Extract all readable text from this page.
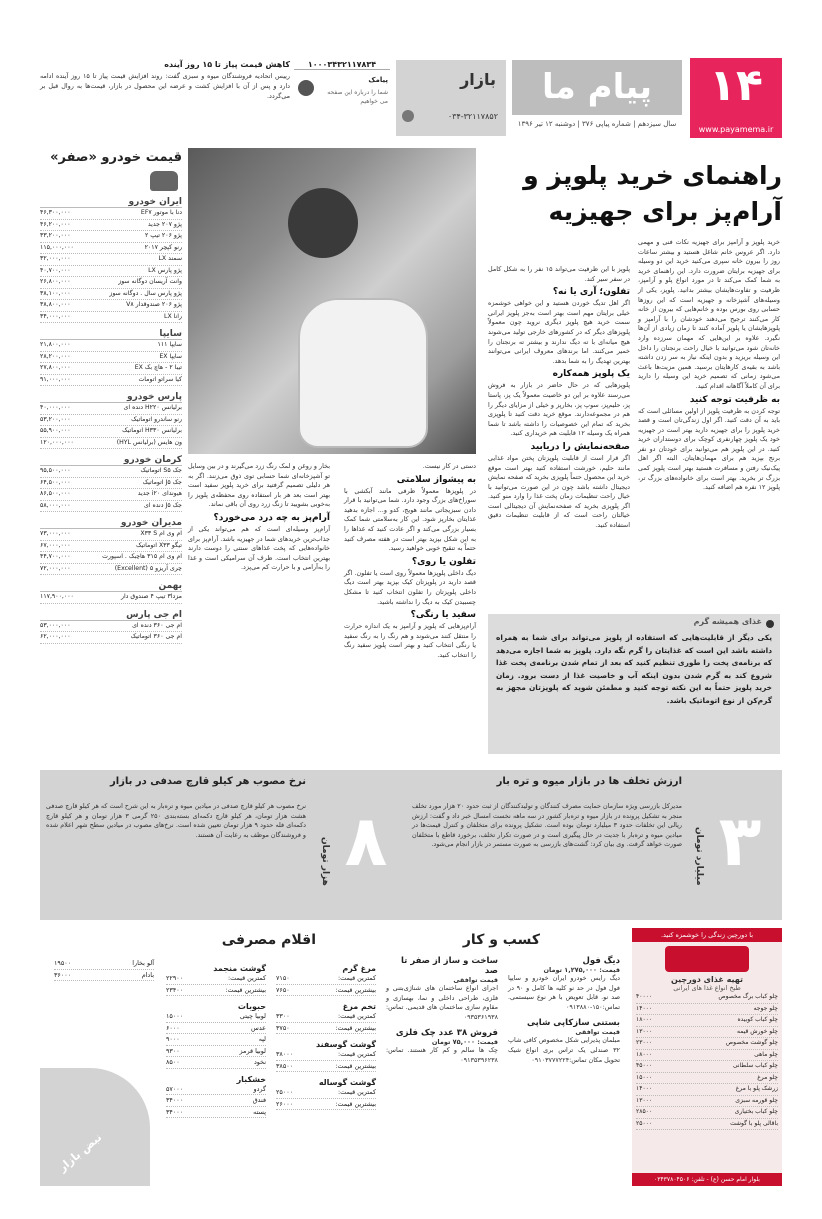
۱۴
www.payamema.ir
پیام ما
سال سیزدهم | شماره پیاپی ۳۷۶ | دوشنبه ۱۲ تیر ۱۳۹۶
بازار
۰۳۴-۳۲۱۱۷۸۵۲
۱۰۰۰۳۴۳۲۱۱۷۸۳۴
پیامک
شما را درباره این صفحه می خواهیم
کاهش قیمت پیاز تا ۱۵ روز آینده
رییس اتحادیه فروشندگان میوه و سبزی گفت: روند افزایش قیمت پیاز تا ۱۵ روز آینده ادامه دارد و پس از آن با افزایش کشت و عرضه این محصول در بازار، قیمت‌ها به روال قبل بر می‌گردد.
راهنمای خرید پلوپز و
آرام‌پز برای جهیزیه
خرید پلوپز و آرامپز برای جهیزیه نکات فنی و مهمی دارد. اگر عروس خانم شاغل هستید و بیشتر ساعات روز را بیرون خانه سپری می‌کنید خرید این دو وسیله برای جهیزیه برایتان ضرورت دارد. این راهنمای خرید به شما کمک می‌کند تا در مورد انواع پلو و آرامپز، ظرفیت و تفاوت‌هایشان بیشتر بدانید. پلوپز، یکی از وسیله‌های آشپزخانه و جهیزیه است که این روزها حسابی روی بورس بوده و خانم‌هایی که بیرون از خانه کار می‌کنند ترجیح می‌دهند خودشان را با آرامپز و پلوپز‌هایشان یا پلوپز آماده کنند تا زمان زیادی از آن‌ها نگیرد. علاوه بر این‌هایی که مهمان سرزده وارد خانه‌تان شود می‌توانید با خیال راحت برنجتان را داخل این وسیله بریزید و بدون اینکه نیاز به سر زدن داشته باشد به بقیه‌ی کارهایتان برسید. همین مزیت‌ها باعث می‌شود زمانی که تصمیم خرید این وسیله را دارید برای آن کاملاً آگاهانه اقدام کنید.
به ظرفیت توجه کنید
توجه کردن به ظرفیت پلوپز از اولین مسائلی است که باید به آن دقت کنید. اگر اول زندگی‌تان است و قصد خرید پلوپز را برای جهیزیه دارید بهتر است در جهیزیه خود یک پلوپز چهارنفری کوچک برای دوستداران خرید کنید. در این پلوپز هم می‌توانید برای خودتان دو نفر برنج بپزید هم برای مهمان‌هایتان. البته اگر اهل پیک‌نیک رفتن و مسافرت هستید بهتر است پلوپز کمی بزرگ تر بخرید. بهتر است برای خانواده‌های بزرگ تر، پلوپز ۱۲ نفره هم اضافه کنید.
پلوپز با این ظرفیت می‌تواند ۱۵ نفر را به شکل کامل در سفر سیر کند.
تفلون؛ آری یا نه؟
اگر اهل تدیگ خوردن هستید و این خواهی خوشمزه خیلی برایتان مهم است بهتر است به‌جز پلوپز ایرانی سمت خرید هیچ پلوپز دیگری نروید چون معمولاً پلوپزهای دیگر که در کشورهای خارجی تولید می‌شوند هیچ میانه‌ای با ته دیگ ندارند و بیشتر ته برنجتان را خمیر می‌کنند. اما برندهای معروف ایرانی می‌توانند بهترین تهدیگ را به شما بدهد.
یک پلوپز همه‌کاره
پلوپزهایی که در حال حاضر در بازار به فروش می‌رسند علاوه بر این دو خاصیت معمولاً یک پز، پاستا پز، حلیم‌پز، سوپ پز، بخارپز و خیلی از مزایای دیگر را هم در مجموعه‌دارند. موقع خرید دقت کنید تا پلوپزی بخرید که تمام این خصوصیات را داشته باشد تا شما همراه یک وسیله ۱۲ قابلیت هم خریداری کنید.
صفحه‌نمایش را دریابید
اگر قرار است از قابلیت پلوپزتان پختن مواد غذایی مانند حلیم، خورشت استفاده کنید بهتر است موقع خرید این محصول حتماً پلوپزی بخرید که صفحه نمایش دیجیتال داشته باشد چون در این صورت می‌توانید با خیال راحت تنظیمات زمان پخت غذا را وارد منو کنید. اگر پلوپزی بخرید که صفحه‌نمایش آن دیجیتالی است خیالتان راحت است که از قابلیت تنظیمات دقیق استفاده کنید.
دستی در کار نیست.
به پیشواز سلامتی
در پلوپزها معمولاً ظرفی مانند آبکشی با سوراخ‌های بزرگ وجود دارد. شما می‌توانید با قرار دادن سبزیجاتی مانند هویج، کدو و... اجازه بدهید غذایتان بخارپز شود. این کار به‌سلامتی شما کمک بسیار بزرگی می‌کند و اگر عادت کنید که غذاها را به این شکل بپزید بهتر است در هفته مصرف کنید حتماً به تنقیح خوبی خواهید رسید.
تفلون یا روی؟
دیگ داخلی پلوپزها معمولاً روی است یا تفلون. اگر قصد دارید در پلوپزتان کیک بپزید بهتر است دیگ داخلی پلوپزتان را تفلون انتخاب کنید تا مشکل چسبیدن کیک به دیگ را نداشته باشید.
سفید یا رنگی؟
آرام‌پزهایی که پلوپز و آرامپز به یک اندازه حرارت را منتقل کنند می‌شوند و هم رنگ را به رنگ سفید یا رنگی انتخاب کنید و بهتر است پلوپز سفید رنگ را انتخاب کنید.
بخار و روغن و لمک رنگ زرد می‌گیرند و در بین وسایل تو آشپزخانه‌ای شما حسابی توی ذوق می‌زنند. اگر به هر دلیلی تصمیم‌ گرفتید برای خرید پلوپز سفید است بهتر است بعد هر بار استفاده روی محفظه‌ی پلوپز را به‌خوبی بشویید تا زنگ زرد روی آن باقی نماند.
آرام‌پز به چه درد می‌خورد؟
آرام‌پز وسیله‌ای است که هم می‌تواند یکی از جذاب‌ترین خریدهای شما در جهیزیه باشد. آرام‌پز برای خانواده‌هایی که پخت غذاهای سنتی را دوست دارند بهترین انتخاب است. ظرف آن سرامیکی است و غذا را به‌آرامی و با حرارت کم می‌پزد.
غذای همیشه گرم
یکی دیگر از قابلیت‌هایی که استفاده از پلوپز می‌تواند برای شما به همراه داشته باشد این است که غذایتان را گرم نگه دارد. پلوپز به شما اجازه می‌دهد که برنامه‌ی پخت را طوری تنظیم کنید که بعد از تمام شدن برنامه‌ی پخت غذا شروع کند به گرم شدن بدون اینکه آب و خاصیت غذا از دست برود. زمان خرید پلوپز حتماً به این نکته توجه کنید و مطمئن شوید که پلوپزتان مجهز به گرم‌کن از نوع اتوماتیک باشد.
قیمت خودرو «صفر»
ایران خودرو
دنا با موتور EF۷
۴۶,۳۰۰,۰۰۰
پژو ۲۰۷ جدید
۴۶,۲۰۰,۰۰۰
پژو ۲۰۶ تیپ ۲
۳۳,۲۰۰,۰۰۰
رنو کپچر ۲۰۱۷
۱۱۵,۰۰۰,۰۰۰
سمند LX
۳۲,۰۰۰,۰۰۰
پژو پارس LX
۴۰,۷۰۰,۰۰۰
وانت آریسان دوگانه سوز
۲۶,۸۰۰,۰۰۰
پژو پارس سال . دوگانه سوز
۳۸,۱۰۰,۰۰۰
پژو ۲۰۶ صندوقدار V۸
۳۸,۸۰۰,۰۰۰
رانا LX
۳۴,۰۰۰,۰۰۰
سایپا
سایپا ۱۱۱
۲۱,۸۰۰,۰۰۰
سایپا EX
۲۸,۲۰۰,۰۰۰
تیبا ۲ - هاچ بک EX
۲۷,۸۰۰,۰۰۰
کیا سراتو اتومات
۹۱,۰۰۰,۰۰۰
پارس خودرو
برلیانس H۲۲۰ دنده ای
۴۰,۰۰۰,۰۰۰
رنو ساندرو اتوماتیک
۵۳,۲۰۰,۰۰۰
برلیانس H۳۳۰ اتوماتیک
۵۵,۹۰۰,۰۰۰
ون هایس (برلیانس HYL)
۱۲۰,۰۰۰,۰۰۰
کرمان خودرو
جک S۵ اتوماتیک
۹۵,۵۰۰,۰۰۰
جک J۵ اتوماتیک
۶۴,۵۰۰,۰۰۰
هیوندای i۲۰ جدید
۸۶,۵۰۰,۰۰۰
جک J۵ دنده ای
۵۸,۰۰۰,۰۰۰
مدیران خودرو
ام وی ام X۳۳ S
۷۳,۰۰۰,۰۰۰
تیگو X۳۳ اتوماتیک
۶۷,۰۰۰,۰۰۰
ام وی ام ۳۱۵ هاچبک . اسپورت
۴۴,۷۰۰,۰۰۰
چری آریزو ۵ (Excellent)
۷۲,۰۰۰,۰۰۰
بهمن
مزدا۳ تیپ ۴ صندوق دار
۱۱۷,۹۰۰,۰۰۰
ام جی پارس
ام جی ۳۶۰ دنده ای
۵۳,۰۰۰,۰۰۰
ام جی ۳۶۰ اتوماتیک
۶۲,۰۰۰,۰۰۰
۳
میلیارد تومان
ارزش تخلف ها در بازار میوه و تره بار
مدیرکل بازرسی ویژه سازمان حمایت مصرف کنندگان و تولیدکنندگان از ثبت حدود ۲۰ هزار مورد تخلف منجر به تشکیل پرونده در بازار میوه و تره‌بار کشور در سه ماهه نخست امسال خبر داد و گفت: ارزش ریالی این تخلفات حدود ۳ میلیارد تومان بوده است. تشکیل پرونده برای متخلفان و کنترل قیمت‌ها در میادین میوه و تره‌بار با جدیت در حال پیگیری است و در صورت تکرار تخلف، برخورد قاطع با متخلفان صورت خواهد گرفت. وی بیان کرد: گشت‌های بازرسی به صورت مستمر در بازار انجام می‌شود.
۸
هزار تومان
نرخ مصوب هر کیلو قارچ صدفی در بازار
نرخ مصوب هر کیلو قارچ صدفی در میادین میوه و تره‌بار به این شرح است که هر کیلو قارچ صدفی هشت هزار تومان، هر کیلو قارچ دکمه‌ای بسته‌بندی ۲۵۰ گرمی ۳ هزار تومان و هر کیلو قارچ دکمه‌ای فله حدود ۹ هزار تومان تعیین شده است. نرخ‌های مصوب در میادین سطح شهر اعلام شده و فروشندگان موظف به رعایت آن هستند.
اقلام مصرفی
مرغ گرم
کمترین قیمت:
۷۱۵۰
بیشترین قیمت:
۷۶۵۰
تخم مرغ
کمترین قیمت:
۳۳۰۰
بیشترین قیمت:
۳۷۵۰
گوشت گوسفند
کمترین قیمت:
۳۸۰۰۰
بیشترین قیمت:
۳۸۵۰۰
گوشت گوساله
کمترین قیمت:
۲۵۰۰۰
بیشترین قیمت:
۲۶۰۰۰
گوشت منجمد
کمترین قیمت:
۲۲۹۰۰
بیشترین قیمت:
۲۳۴۰۰
حبوبات
لوبیا چیتی
۱۵۰۰۰
عدس
۶۰۰۰
لپه
۹۰۰۰
لوبیا قرمز
۹۳۰۰
نخود
۸۵۰۰
خشکبار
گردو
۵۷۰۰۰
فندق
۳۴۰۰۰
پسته
۳۴۰۰۰
آلو بخارا
۱۹۵۰۰
بادام
۳۶۰۰۰
نبض بازار
کسب و کار
دیگ فول
قیمت: ۱,۲۷۵,۰۰۰ تومان
دیگ رایس خودرو ایران خودرو و سایپا فول فول در حد نو کلیه ها کامل و ۹۰ در صد نو. قابل تعویض با هر نوع سیستمی. تماس:۱۵۰-۰۹۱۳۸۸۰
بستنی سازکاپی شاپی
قیمت توافقی
مبلمان پذیرایی شکل مخصوص کافی شاپ ۳۲ صندلی یک تراس بری انواع شیک تحویل مکان تماس:۰۹۱۰۳۷۷۷۲۲۴
ساخت و ساز از صفر تا صد
قیمت توافقی
اجرای انواع ساختمان های شناژی‌بتنی و فلزی، طراحی داخلی و نما، بهسازی و مقاوم سازی ساختمان های قدیمی. تماس: ۰۹۳۵۳۶۱۹۳۸
فروش ۳۸ عدد چک فلزی
قیمت: ۷۵,۰۰۰ تومان
چک ها سالم و کم کار هستند. تماس: ۰۹۱۳۵۳۹۶۲۳۸
با دورچین زندگی را خوشمزه کنید.
تهیه غذای دورچین
طبخ انواع غذا های ایرانی
چلو کباب برگ مخصوص
۴۰۰۰۰
چلو جوجه
۱۴۰۰۰
چلو کباب کوبیده
۱۸۰۰۰
چلو خورش قیمه
۱۳۰۰۰
چلو گوشت مخصوص
۲۳۰۰۰
چلو ماهی
۱۸۰۰۰
چلو کباب سلطانی
۴۵۰۰۰
چلو مرغ
۱۵۰۰۰
زرشک پلو با مرغ
۱۴۰۰۰
چلو قورمه سبزی
۱۳۰۰۰
چلو کباب بختیاری
۲۸۵۰۰
باقالی پلو با گوشت
۲۵۰۰۰
بلوار امام حسن (ع) - تلفن: ۰۳۴۳۷۸۰۴۵۰۶
